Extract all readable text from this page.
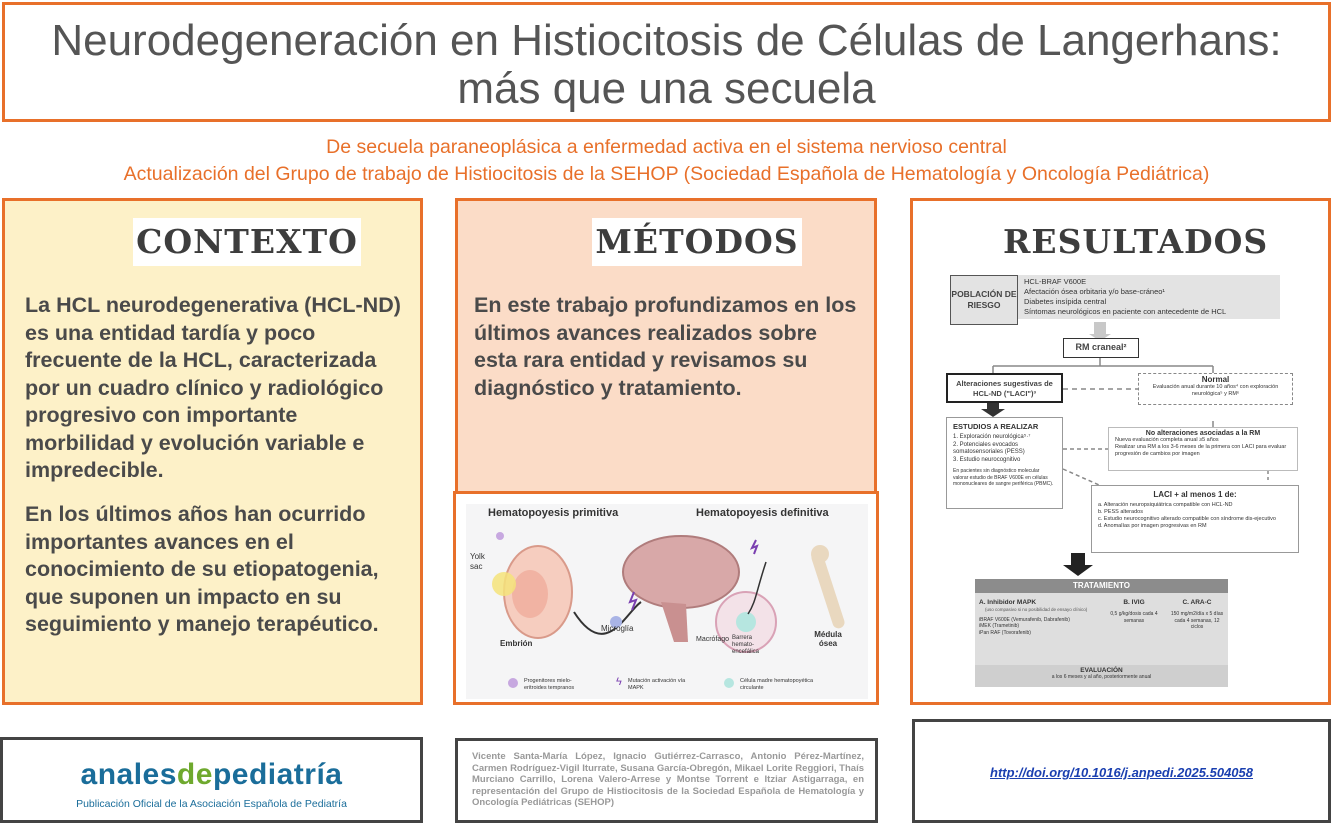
Neurodegeneración en Histiocitosis de Células de Langerhans:
más que una secuela
De secuela paraneoplásica a enfermedad activa en el sistema nervioso central
Actualización del Grupo de trabajo de Histiocitosis de la SEHOP (Sociedad Española de Hematología y Oncología Pediátrica)
CONTEXTO
La HCL neurodegenerativa (HCL-ND) es una entidad tardía y poco frecuente de la HCL, caracterizada por un cuadro clínico y radiológico progresivo con importante morbilidad y evolución variable e impredecible.
En los últimos años han ocurrido importantes avances en el conocimiento de su etiopatogenia, que suponen un impacto en su seguimiento y manejo terapéutico.
MÉTODOS
En este trabajo profundizamos en los últimos avances realizados sobre esta rara entidad y revisamos su diagnóstico y tratamiento.
Hematopoyesis primitiva	Hematopoyesis definitiva
Yolk sac
Embrión
Microglía
Macrófago Barrera hemato-encefálica
Médula ósea
Progenitores mielo-eritroides tempranos	ϟ Mutación activación vía MAPK
Célula madre hematopoyética circulante
RESULTADOS
POBLACIÓN DE RIESGO
HCL-BRAF V600E
Afectación ósea orbitaria y/o base-cráneo¹
Diabetes insípida central
Síntomas neurológicos en paciente con antecedente de HCL
RM craneal²
Alteraciones sugestivas de HCL-ND ("LACI")³
Normal
Evaluación anual durante 10 años⁴ con exploración neurológica⁵ y RM⁶
ESTUDIOS A REALIZAR
1. Exploración neurológica⁵·⁷
2. Potenciales evocados somatosensoriales (PESS)
3. Estudio neurocognitivo
En pacientes sin diagnóstico molecular valorar estudio de BRAF V600E en células mononucleares de sangre periférica (PBMC).
No alteraciones asociadas a la RM
Nueva evaluación completa anual ≥5 años
Realizar una RM a los 3-6 meses de la primera con LACI para evaluar progresión de cambios por imagen
LACI + al menos 1 de:
a. Alteración neuropsiquiátrica compatible con HCL-ND
b. PESS alterados
c. Estudio neurocognitivo alterado compatible con síndrome dis-ejecutivo
d. Anomalías por imagen progresivas en RM
TRATAMIENTO
A. Inhibidor MAPK
(uso compasivo si no posibilidad de ensayo clínico)
iBRAF V600E (Vemurafenib, Dabrafenib)
iMEK (Trametinib)
iPan RAF (Tovorafenib)
B. IVIG
0,5 g/kg/dosis cada 4 semanas
C. ARA-C
150 mg/m2/día x 5 días cada 4 semanas, 12 ciclos
EVALUACIÓN
a los 6 meses y al año, posteriormente anual
analesdepediatría
Publicación Oficial de la Asociación Española de Pediatría
Vicente Santa-María López, Ignacio Gutiérrez-Carrasco, Antonio Pérez-Martínez, Carmen Rodríguez-Vigil Iturrate, Susana García-Obregón, Mikael Lorite Reggiori, Thaís Murciano Carrillo, Lorena Valero-Arrese y Montse Torrent e Itziar Astigarraga, en representación del Grupo de Histiocitosis de la Sociedad Española de Hematología y Oncología Pediátricas (SEHOP)
http://doi.org/10.1016/j.anpedi.2025.504058
